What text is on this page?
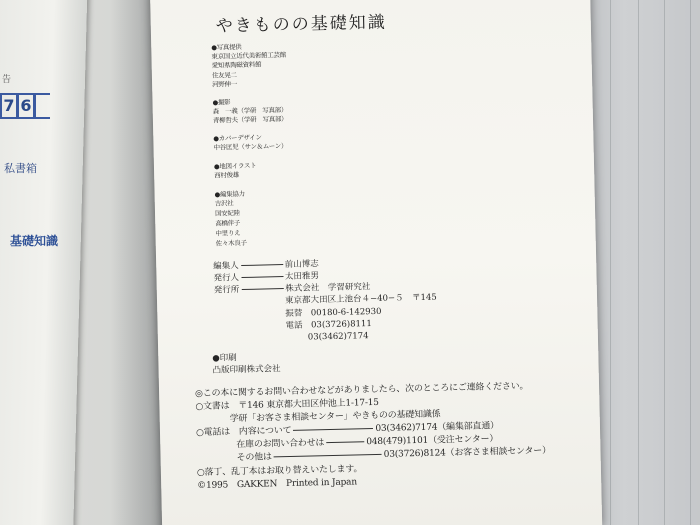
告
7 6
私書箱
基礎知識
やきものの基礎知識
●写真提供
東京国立近代美術館工芸館
愛知県陶磁資料館
住友晃二
河野伸一
●撮影
森　一義（学研　写真部）
青柳哲夫（学研　写真部）
●カバーデザイン
中谷匡児（サン＆ムーン）
●地図イラスト
西村俊雄
●編集協力
吉沢社
国安紀陸
高橋伴子
中里りえ
佐々木良子
編集人	前山博志
発行人	太田雅男
発行所	株式会社　学習研究社
東京都大田区上池台４−40−５　〒145
振替　00180-6-142930
電話　03(3726)8111
03(3462)7174
●印刷
凸版印刷株式会社
◎この本に関するお問い合わせなどがありましたら、次のところにご連絡ください。
○文書は　〒146 東京都大田区仲池上1-17-15
学研「お客さま相談センター」やきものの基礎知識係
○電話は　内容について	03(3462)7174（編集部直通）
在庫のお問い合わせは	048(479)1101（受注センター）
その他は	03(3726)8124（お客さま相談センター）
○落丁、乱丁本はお取り替えいたします。
©1995　GAKKEN　Printed in Japan
